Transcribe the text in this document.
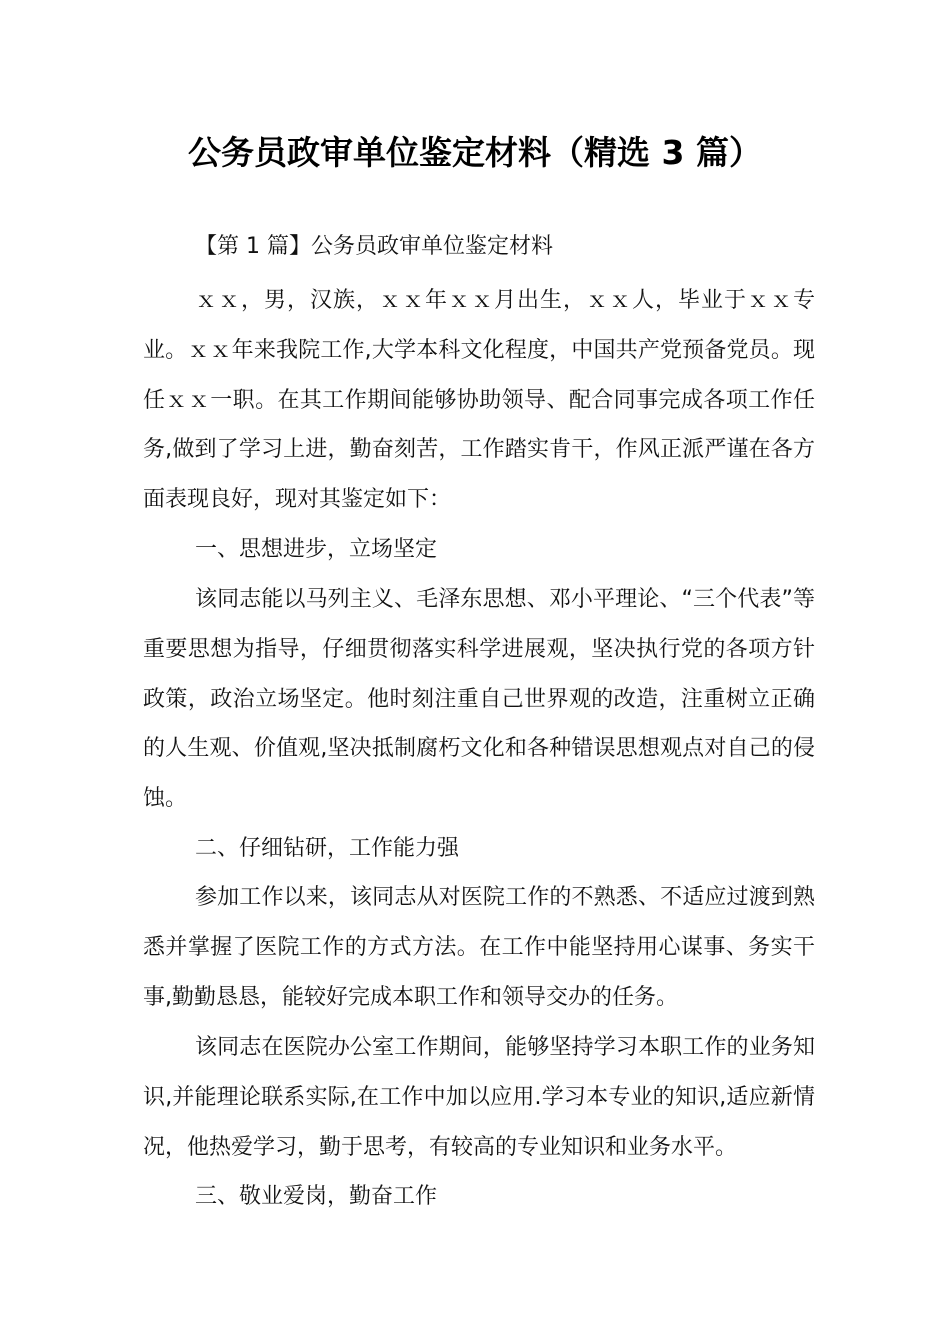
公务员政审单位鉴定材料（精选 3 篇）

【第 1 篇】公务员政审单位鉴定材料

ｘｘ，男，汉族，ｘｘ年ｘｘ月出生，ｘｘ人，毕业于ｘｘ专业。ｘｘ年来我院工作,大学本科文化程度，中国共产党预备党员。现任ｘｘ一职。在其工作期间能够协助领导、配合同事完成各项工作任务,做到了学习上进，勤奋刻苦，工作踏实肯干，作风正派严谨在各方面表现良好，现对其鉴定如下：

一、思想进步，立场坚定

该同志能以马列主义、毛泽东思想、邓小平理论、“三个代表”等重要思想为指导，仔细贯彻落实科学进展观，坚决执行党的各项方针政策，政治立场坚定。他时刻注重自己世界观的改造，注重树立正确的人生观、价值观,坚决抵制腐朽文化和各种错误思想观点对自己的侵蚀。

二、仔细钻研，工作能力强

参加工作以来，该同志从对医院工作的不熟悉、不适应过渡到熟悉并掌握了医院工作的方式方法。在工作中能坚持用心谋事、务实干事,勤勤恳恳，能较好完成本职工作和领导交办的任务。

该同志在医院办公室工作期间，能够坚持学习本职工作的业务知识,并能理论联系实际,在工作中加以应用.学习本专业的知识,适应新情况，他热爱学习，勤于思考，有较高的专业知识和业务水平。

三、敬业爱岗，勤奋工作
